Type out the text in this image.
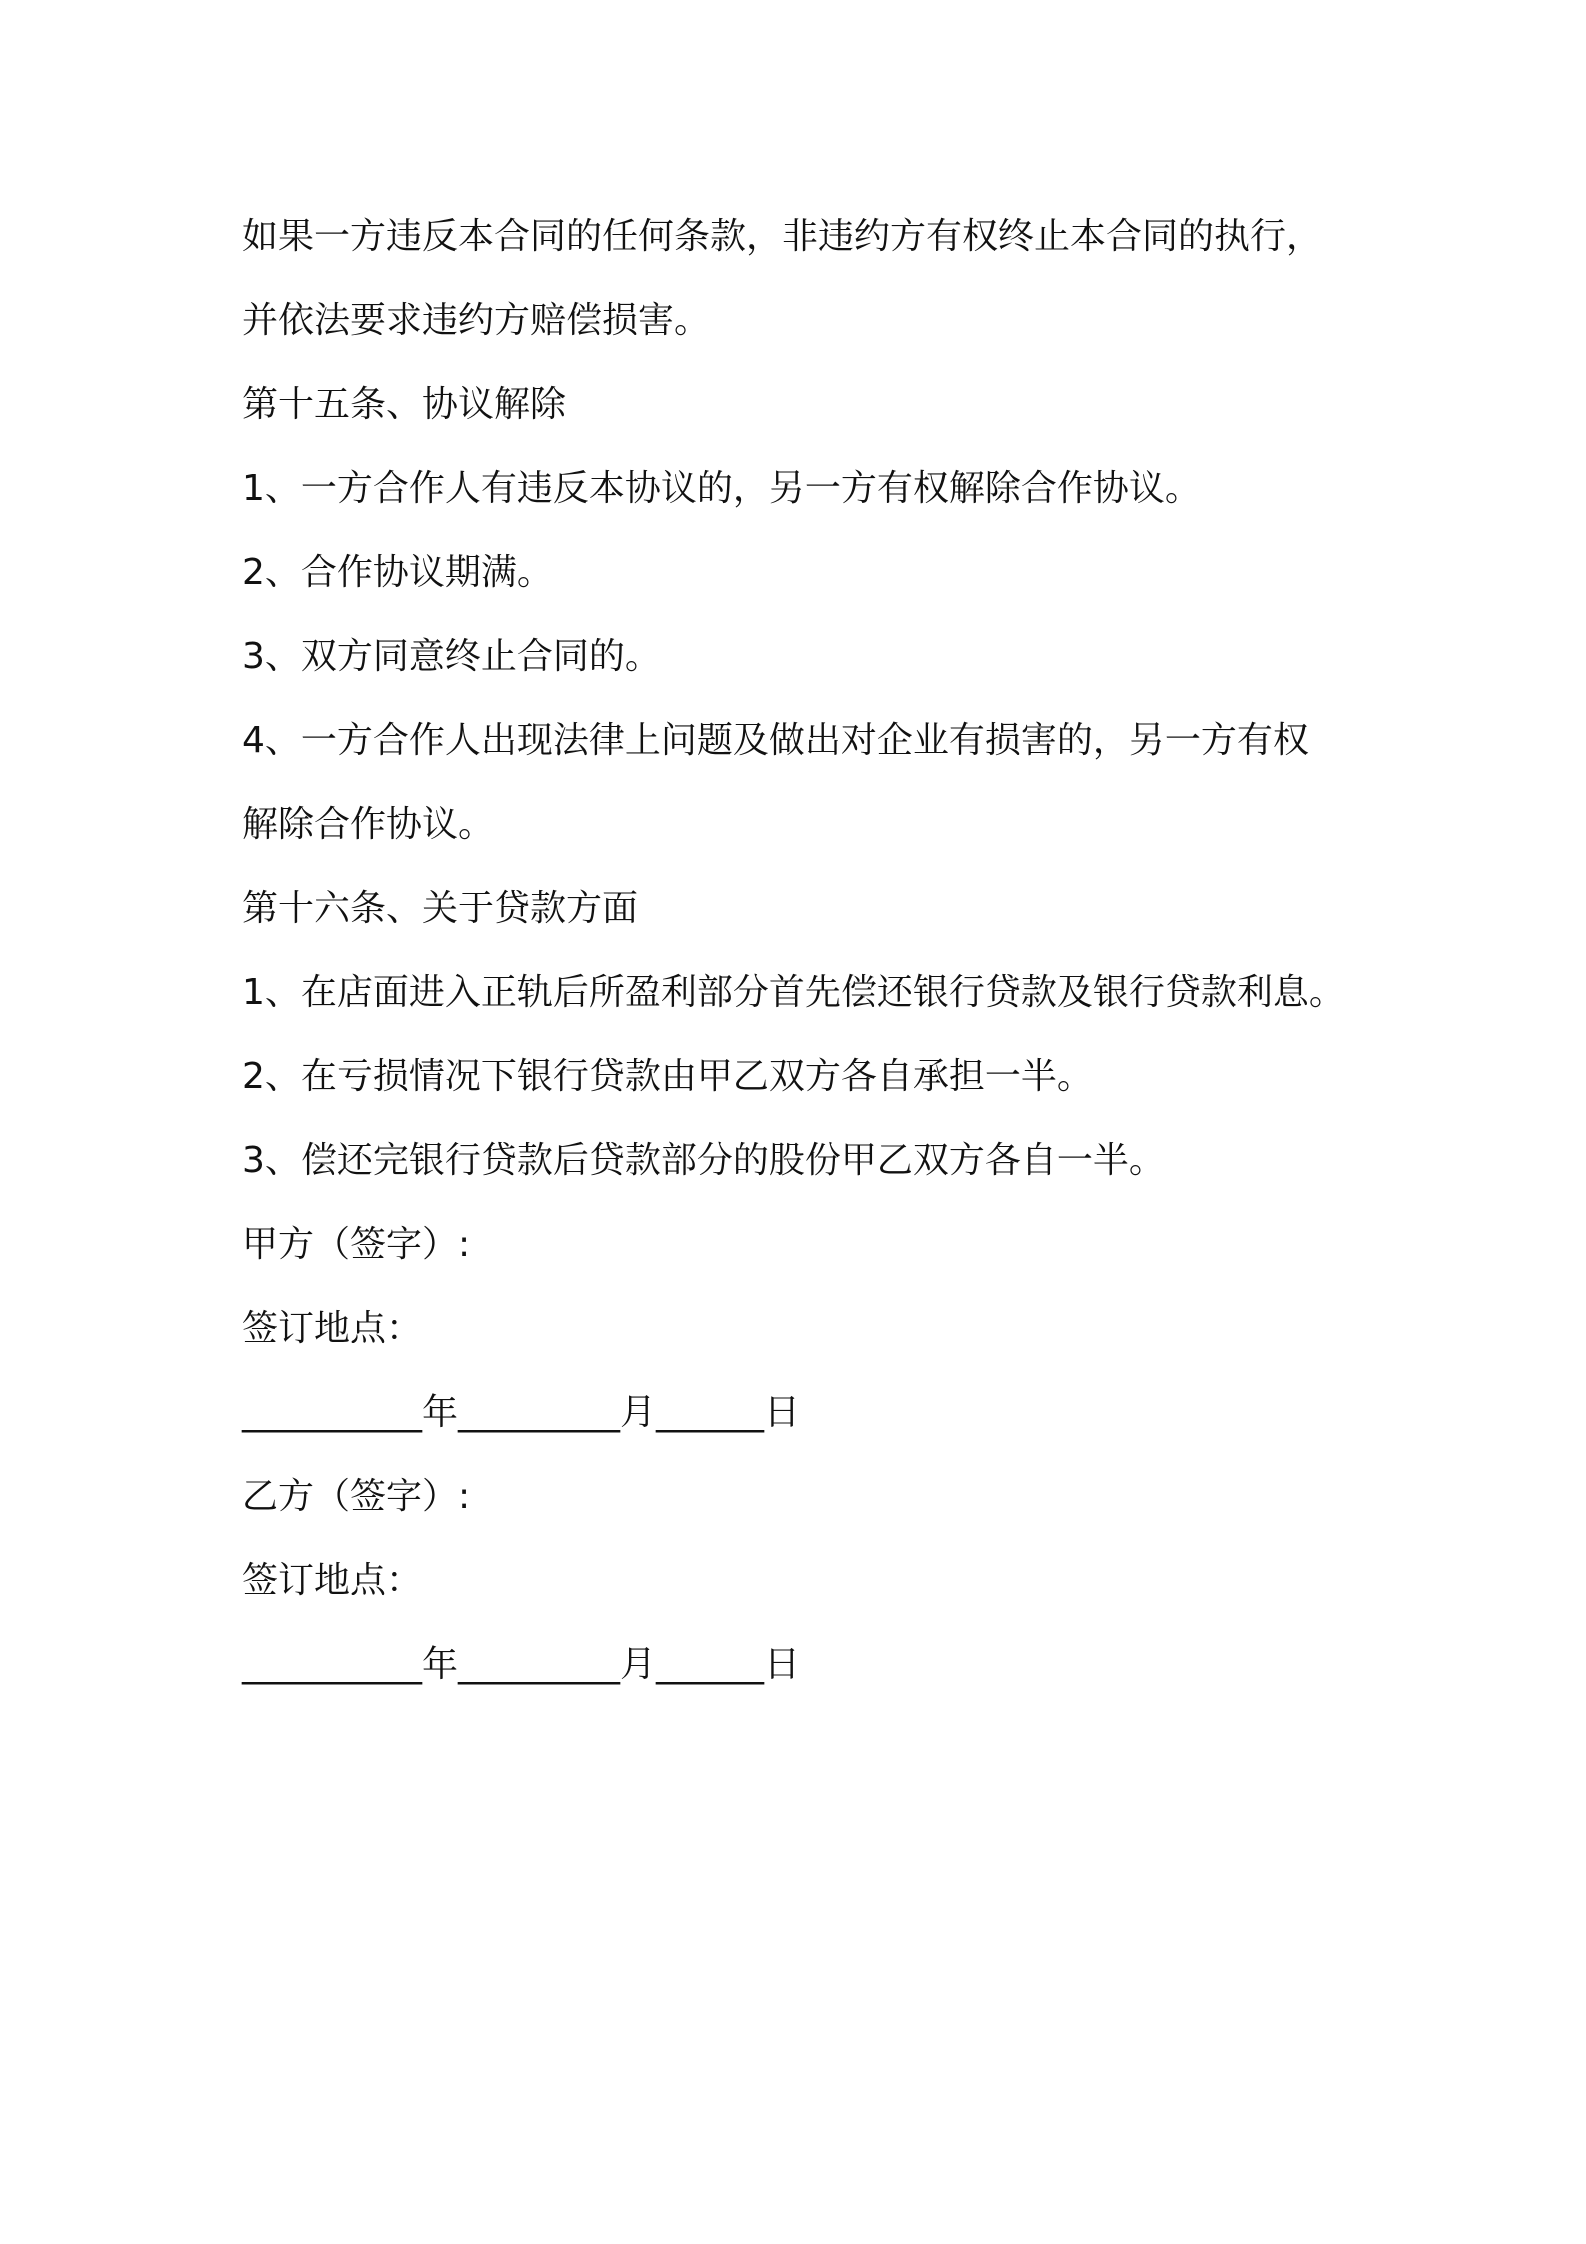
如果一方违反本合同的任何条款，非违约方有权终止本合同的执行，
并依法要求违约方赔偿损害。
第十五条、协议解除
1、一方合作人有违反本协议的，另一方有权解除合作协议。
2、合作协议期满。
3、双方同意终止合同的。
4、一方合作人出现法律上问题及做出对企业有损害的，另一方有权
解除合作协议。
第十六条、关于贷款方面
1、在店面进入正轨后所盈利部分首先偿还银行贷款及银行贷款利息。
2、在亏损情况下银行贷款由甲乙双方各自承担一半。
3、偿还完银行贷款后贷款部分的股份甲乙双方各自一半。
甲方（签字）:
签订地点：
__________年_________月______日
乙方（签字）:
签订地点：
__________年_________月______日
